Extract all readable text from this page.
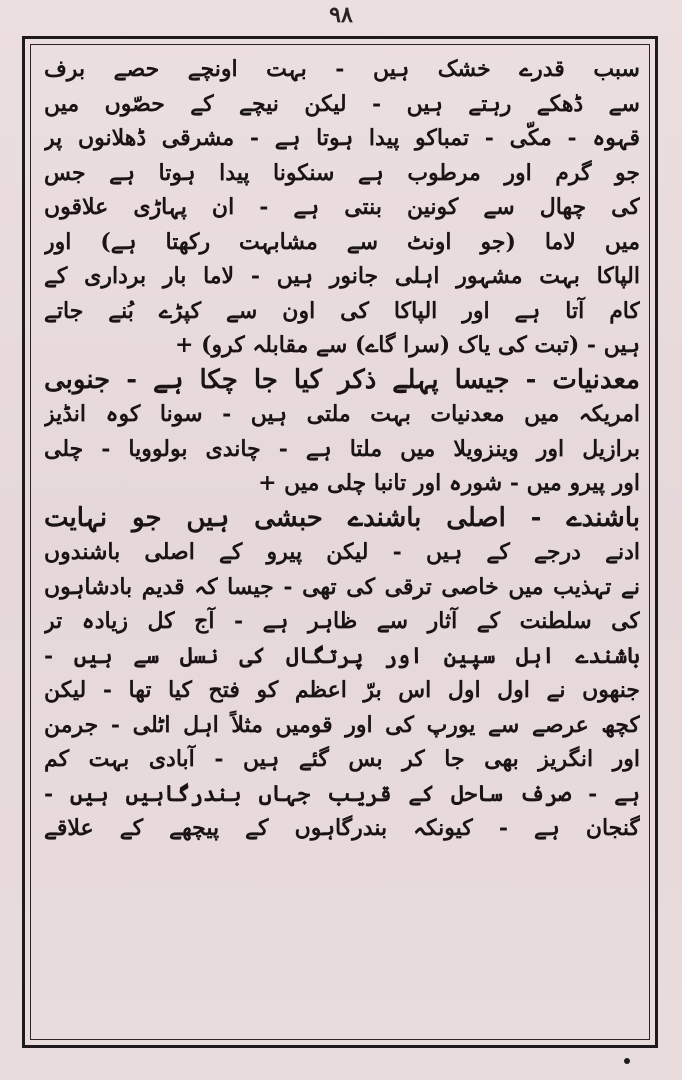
۹۸
سبب قدرے خشک ہیں - بہت اونچے حصے برف
سے ڈھکے رہتے ہیں - لیکن نیچے کے حصّوں میں
قہوہ - مکّی - تمباکو پیدا ہوتا ہے - مشرقی ڈھلانوں پر
جو گرم اور مرطوب ہے سنکونا پیدا ہوتا ہے جس
کی چھال سے کونین بنتی ہے - ان پہاڑی علاقوں
میں لاما (جو اونٹ سے مشابہت رکھتا ہے) اور
الپاکا بہت مشہور اہلی جانور ہیں - لاما بار برداری کے
کام آتا ہے اور الپاکا کی اون سے کپڑے بُنے جاتے
ہیں - (تبت کی یاک (سرا گاے) سے مقابلہ کرو) +
معدنیات - جیسا پہلے ذکر کیا جا چکا ہے - جنوبی
امریکہ میں معدنیات بہت ملتی ہیں - سونا کوہ انڈیز
برازیل اور وینزویلا میں ملتا ہے - چاندی بولوویا - چلی
اور پیرو میں - شورہ اور تانبا چلی میں +
باشندے - اصلی باشندے حبشی ہیں جو نہایت
ادنے درجے کے ہیں - لیکن پیرو کے اصلی باشندوں
نے تہذیب میں خاصی ترقی کی تھی - جیسا کہ قدیم بادشاہوں
کی سلطنت کے آثار سے ظاہر ہے - آج کل زیادہ تر
باشندے اہل سپین اور پرتگال کی نسل سے ہیں -
جنھوں نے اول اول اس برّ اعظم کو فتح کیا تھا - لیکن
کچھ عرصے سے یورپ کی اور قومیں مثلاً اہل اٹلی - جرمن
اور انگریز بھی جا کر بس گئے ہیں - آبادی بہت کم
ہے - صرف ساحل کے قریب جہاں بندرگاہیں ہیں -
گنجان ہے - کیونکہ بندرگاہوں کے پیچھے کے علاقے
